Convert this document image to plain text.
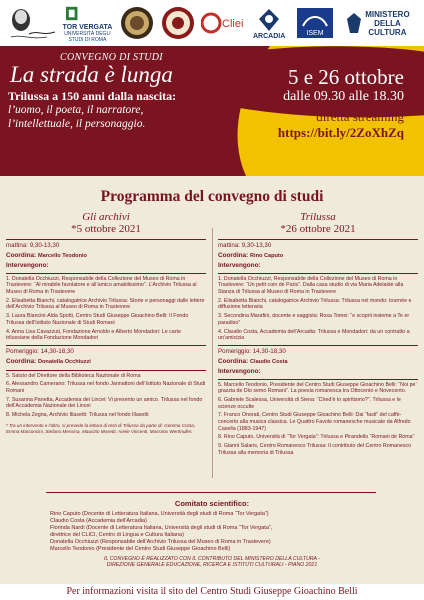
TOR VERGATA
UNIVERSITÀ DEGLI STUDI DI ROMA
Cliei
ARCADIA	ISEM
MINISTERO
DELLA
CULTURA
CONVEGNO DI STUDI
La strada è lunga
Trilussa a 150 anni dalla nascita:
l’uomo, il poeta, il narratore,
l’intellettuale, il personaggio.
5 e 26 ottobre
dalle 09.30 alle 18.30
diretta streaming
https://bit.ly/2ZoXhZq
Programma del convegno di studi
Gli archivi
*5 ottobre 2021
mattina: 9,30-13,30
Coordina: Marcello Teodonio
Intervengono:
1. Donatella Occhiuzzi, Responsabile della Collezione del Museo di Roma in Trastevere: “Al mirabile favolatore e all’amico amabilissimo”. L’Archivio Trilussa al Museo di Roma in Trastevere
2. Elisabetta Bianchi, catalogatrice Archivio Trilussa: Storie e personaggi dalle lettere dell’Archivio Trilussa al Museo di Roma in Trastevere
3. Laura Biancini-Alda Spotti, Centro Studi Giuseppe Gioachino Belli: Il Fondo Trilussa dell’Istituto Nazionale di Studi Romani
4. Anna Lisa Cavazzuti, Fondazione Arnoldo e Alberto Mondadori: Le carte trilussiane della Fondazione Mondadori
Pomeriggio: 14,30-18,30
Coordina: Donatella Occhiuzzi
5. Saluto del Direttore della Biblioteca Nazionale di Roma
6. Alessandro Camerano: Trilussa nel fondo Jannattoni dell’Istituto Nazionale di Studi Romani
7. Susanna Panetta, Accademia dei Lincei: Vi presento un amico. Trilussa nel fondo dell’Accademia Nazionale dei Lincei
8. Michela Zegna, Archivio Illasetti: Trilussa nel fondo Illasetti
* Tra un intervento e l’altro, si prevede la lettura di testi di Trilussa da parte di: Gemma Costa, Emma Marconcini, Stefano Messina, Maurizio Mosetti, Ariele Vincenti, Massimo Wertmuller.
Trilussa
*26 ottobre 2021
mattina: 9,30-13,30
Coordina: Rino Caputo
Intervengono:
1. Donatella Occhiuzzi, Responsabile della Collezione del Museo di Roma in Trastevere: “Un petit coin de Paris”. Dalla casa studio di via Maria Adelaide alla Stanza di Trilussa al Museo di Roma in Trastevere
2. Elisabetta Bianchi, catalogatrice Archivio Trilussa: Trilussa nel mondo: tournée e diffusione letteraria
3. Secondina Marafini, docente e saggista: Rosa Tomei: “e scoprii insieme a Te er paradiso”
4. Claudio Costa, Accademia dell’Arcadia: Trilussa e Mondadori: da un contratto a un’amicizia
Pomeriggio: 14,30-18,30
Coordina: Claudio Costa
Intervengono:
5. Marcello Teodonio, Presidente del Centro Studi Giuseppe Gioachino Belli: “Noi pe’ grazzia de Dio semo Romani”. La poesia romanesca tra Ottocento e Novecento.
6. Gabriele Scalessa, Università di Siena: “Ched’è lo spiritismo?”. Trilussa e le scienze occulte
7. Franco Onorati, Centro Studi Giuseppe Gioachino Belli: Dai “fasti” del caffè-concerto alla musica classica. Le Quattro Favole romanesche musicate da Alfredo Casella (1883-1947)
8. Rino Caputo, Università di “Tor Vergata”: Trilussa e Pirandello “Romani de Roma”
9. Gianni Salaris, Centro Romanesco Trilussa: Il contributo del Centro Romanesco Trilussa alla memoria di Trilussa
Comitato scientifico:
Rino Caputo (Docente di Letteratura Italiana, Università degli studi di Roma “Tor Vergata”)
Claudio Costa (Accademia dell’Arcadia)
Florinda Nardi (Docente di Letteratura Italiana, Università degli studi di Roma “Tor Vergata”,
direttrice del CLICI, Centro di Lingua e Cultura Italiana)
Donatella Occhiuzzi (Responsabile dell’Archivio Trilussa del Museo di Roma in Trastevere)
Marcello Teodonio (Presidente del Centro Studi Giuseppe Gioachino Belli)
IL CONVEGNO È REALIZZATO CON IL CONTRIBUTO DEL MINISTERO DELLA CULTURA -
DIREZIONE GENERALE EDUCAZIONE, RICERCA E ISTITUTI CULTURALI - PIANO 2021
Per informazioni visita il sito del Centro Studi Giuseppe Gioachino Belli
